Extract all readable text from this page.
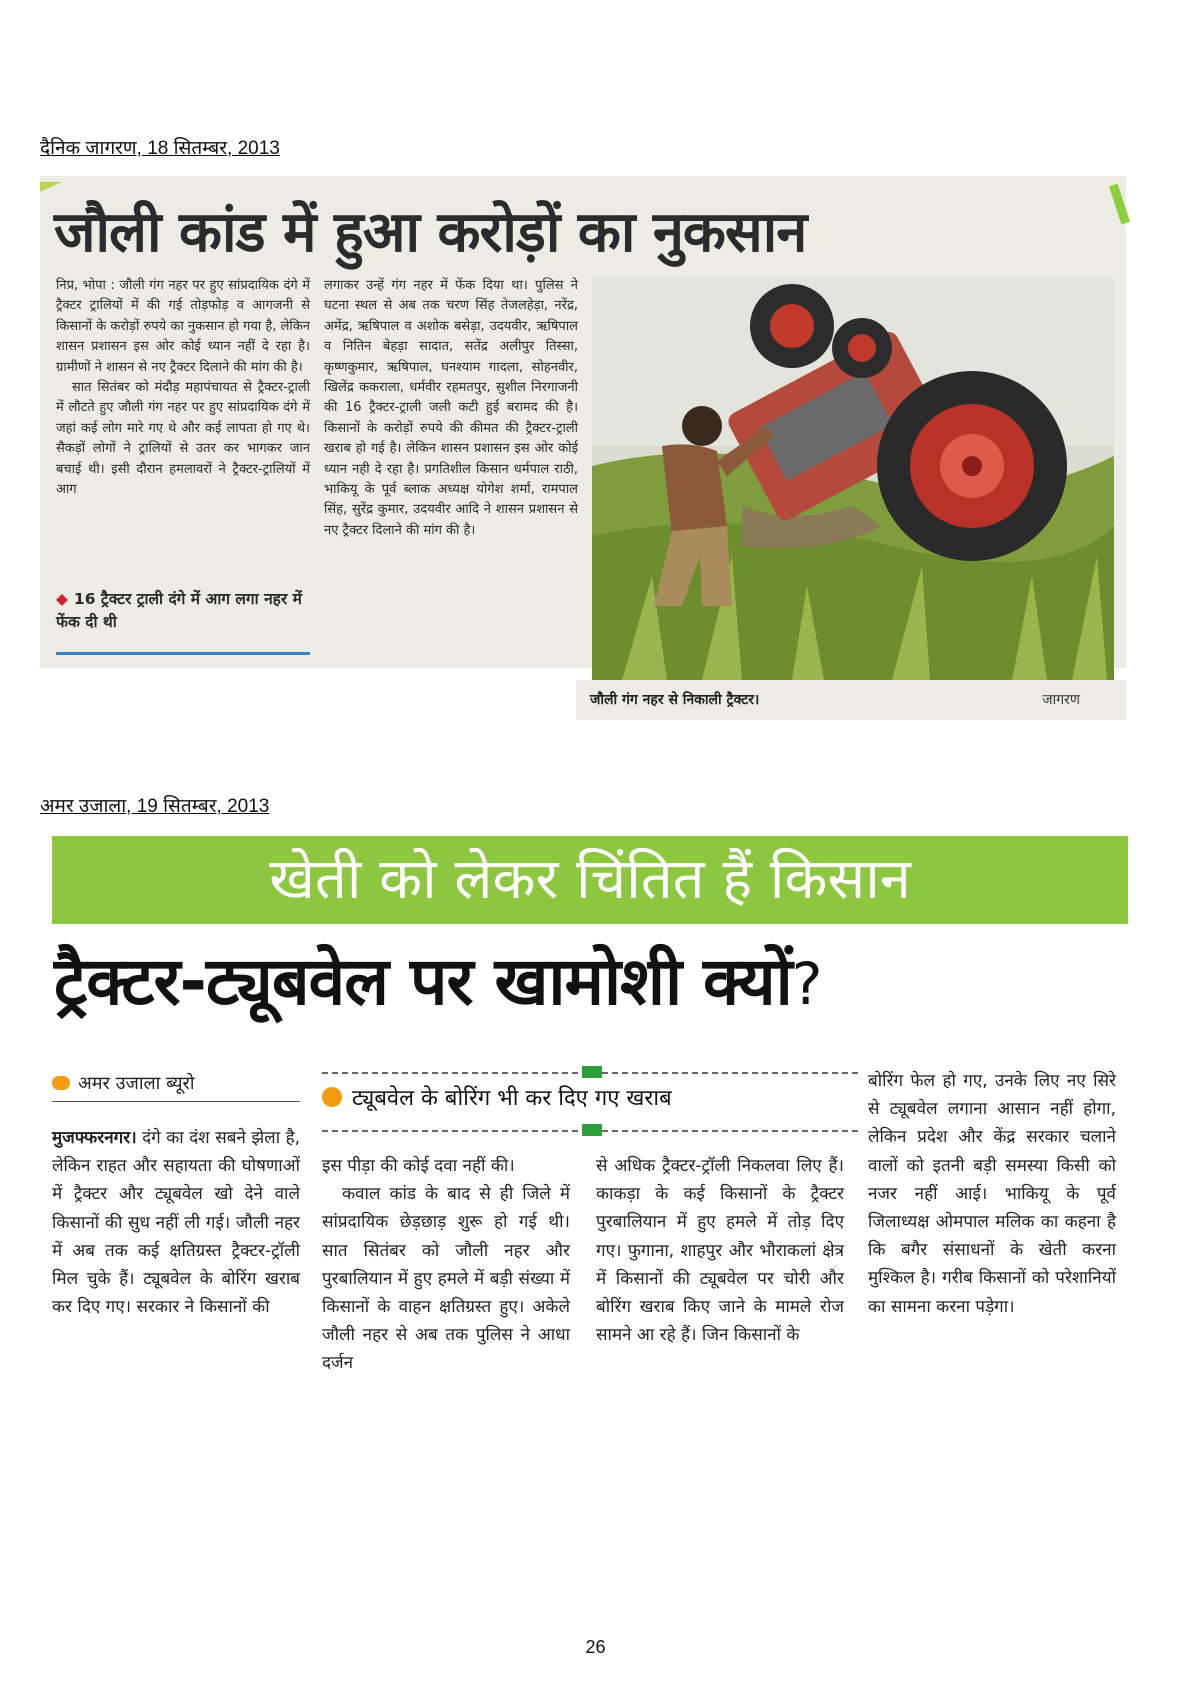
दैनिक जागरण, 18 सितम्बर, 2013
जौली कांड में हुआ करोड़ों का नुकसान

निप्र, भोपा : जौली गंग नहर पर हुए सांप्रदायिक दंगे में ट्रैक्टर ट्रालियों में की गई तोड़फोड़ व आगजनी से किसानों के करोड़ों रुपये का नुकसान हो गया है, लेकिन शासन प्रशासन इस ओर कोई ध्यान नहीं दे रहा है। ग्रामीणों ने शासन से नए ट्रैक्टर दिलाने की मांग की है।

सात सितंबर को मंदौड़ महापंचायत से ट्रैक्टर-ट्राली में लौटते हुए जौली गंग नहर पर हुए सांप्रदायिक दंगे में जहां कई लोग मारे गए थे और कई लापता हो गए थे। सैकड़ों लोगों ने ट्रालियों से उतर कर भागकर जान बचाई थी। इसी दौरान हमलावरों ने ट्रैक्टर-ट्रालियों में आग

◆ 16 ट्रैक्टर ट्राली दंगे में आग लगा नहर में फेंक दी थी

लगाकर उन्हें गंग नहर में फेंक दिया था। पुलिस ने घटना स्थल से अब तक चरण सिंह तेजलहेड़ा, नरेंद्र, अमेंद्र, ऋषिपाल व अशोक बसेड़ा, उदयवीर, ऋषिपाल व नितिन बेहड़ा सादात, सतेंद्र अलीपुर तिस्सा, कृष्णकुमार, ऋषिपाल, घनश्याम गादला, सोहनवीर, खिलेंद्र ककराला, धर्मवीर रहमतपुर, सुशील निरगाजनी की 16 ट्रैक्टर-ट्राली जली कटी हुई बरामद की है। किसानों के करोड़ों रुपये की कीमत की ट्रैक्टर-ट्राली खराब हो गई है। लेकिन शासन प्रशासन इस ओर कोई ध्यान नही दे रहा है। प्रगतिशील किसान धर्मपाल राठी, भाकियू के पूर्व ब्लाक अध्यक्ष योगेश शर्मा, रामपाल सिंह, सुरेंद्र कुमार, उदयवीर आदि ने शासन प्रशासन से नए ट्रैक्टर दिलाने की मांग की है।

जौली गंग नहर से निकाली ट्रैक्टर।	जागरण
अमर उजाला, 19 सितम्बर, 2013
खेती को लेकर चिंतित हैं किसान
ट्रैक्टर-ट्यूबवेल पर खामोशी क्यों?
अमर उजाला ब्यूरो
ट्यूबवेल के बोरिंग भी कर दिए गए खराब

मुजफ्फरनगर। दंगे का दंश सबने झेला है, लेकिन राहत और सहायता की घोषणाओं में ट्रैक्टर और ट्यूबवेल खो देने वाले किसानों की सुध नहीं ली गई। जौली नहर में अब तक कई क्षतिग्रस्त ट्रैक्टर-ट्रॉली मिल चुके हैं। ट्यूबवेल के बोरिंग खराब कर दिए गए। सरकार ने किसानों की

इस पीड़ा की कोई दवा नहीं की।

कवाल कांड के बाद से ही जिले में सांप्रदायिक छेड़छाड़ शुरू हो गई थी। सात सितंबर को जौली नहर और पुरबालियान में हुए हमले में बड़ी संख्या में किसानों के वाहन क्षतिग्रस्त हुए। अकेले जौली नहर से अब तक पुलिस ने आधा दर्जन

से अधिक ट्रैक्टर-ट्रॉली निकलवा लिए हैं। काकड़ा के कई किसानों के ट्रैक्टर पुरबालियान में हुए हमले में तोड़ दिए गए। फुगाना, शाहपुर और भौराकलां क्षेत्र में किसानों की ट्यूबवेल पर चोरी और बोरिंग खराब किए जाने के मामले रोज सामने आ रहे हैं। जिन किसानों के

बोरिंग फेल हो गए, उनके लिए नए सिरे से ट्यूबवेल लगाना आसान नहीं होगा, लेकिन प्रदेश और केंद्र सरकार चलाने वालों को इतनी बड़ी समस्या किसी को नजर नहीं आई। भाकियू के पूर्व जिलाध्यक्ष ओमपाल मलिक का कहना है कि बगैर संसाधनों के खेती करना मुश्किल है। गरीब किसानों को परेशानियों का सामना करना पड़ेगा।

26
